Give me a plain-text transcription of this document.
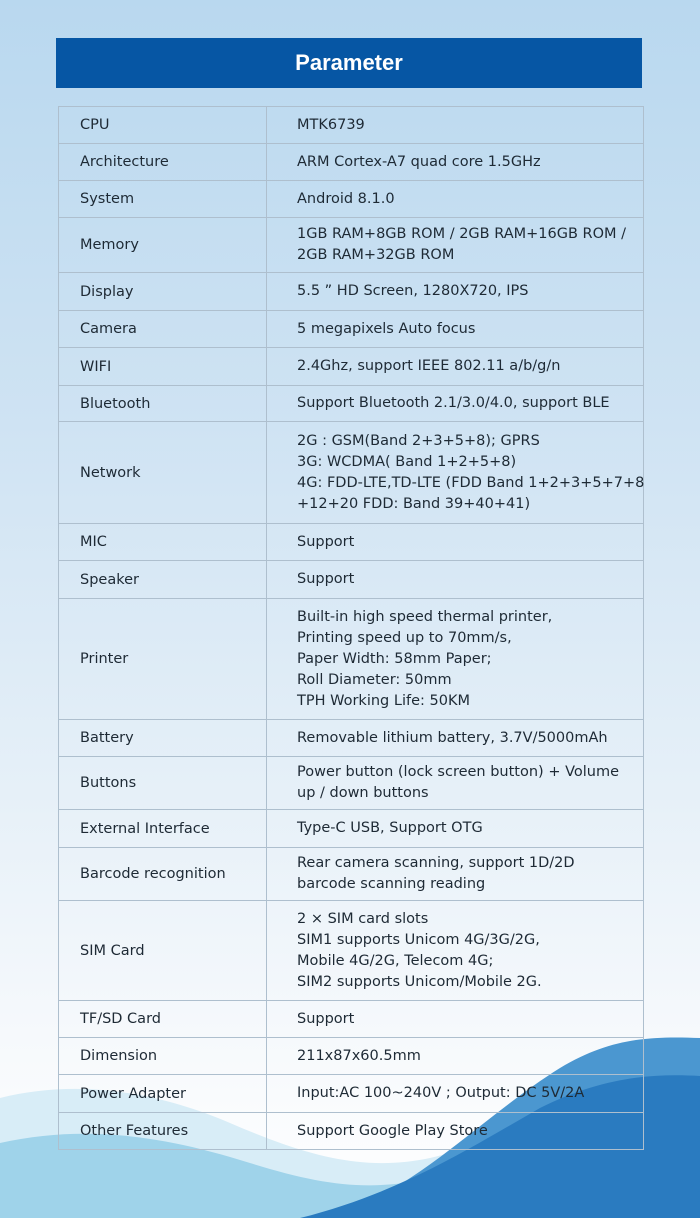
Parameter
CPU	MTK6739

Architecture	ARM Cortex-A7 quad core 1.5GHz

System	Android 8.1.0

Memory	1GB RAM+8GB ROM / 2GB RAM+16GB ROM /
2GB RAM+32GB ROM

Display	5.5 ” HD Screen, 1280X720, IPS

Camera	5 megapixels Auto focus

WIFI	2.4Ghz, support IEEE 802.11 a/b/g/n

Bluetooth	Support Bluetooth 2.1/3.0/4.0, support BLE

Network	2G : GSM(Band 2+3+5+8); GPRS
3G: WCDMA( Band 1+2+5+8)
4G: FDD-LTE,TD-LTE (FDD Band 1+2+3+5+7+8
+12+20 FDD: Band 39+40+41)

MIC	Support

Speaker	Support

Printer	Built-in high speed thermal printer,
Printing speed up to 70mm/s,
Paper Width: 58mm Paper;
Roll Diameter: 50mm
TPH Working Life: 50KM

Battery	Removable lithium battery, 3.7V/5000mAh

Buttons	Power button (lock screen button) + Volume
up / down buttons

External Interface	Type-C USB, Support OTG

Barcode recognition	Rear camera scanning, support 1D/2D
barcode scanning reading

SIM Card	2 × SIM card slots
SIM1 supports Unicom 4G/3G/2G,
Mobile 4G/2G, Telecom 4G;
SIM2 supports Unicom/Mobile 2G.

TF/SD Card	Support

Dimension	211x87x60.5mm

Power Adapter	Input:AC 100~240V ; Output: DC 5V/2A

Other Features	Support Google Play Store
